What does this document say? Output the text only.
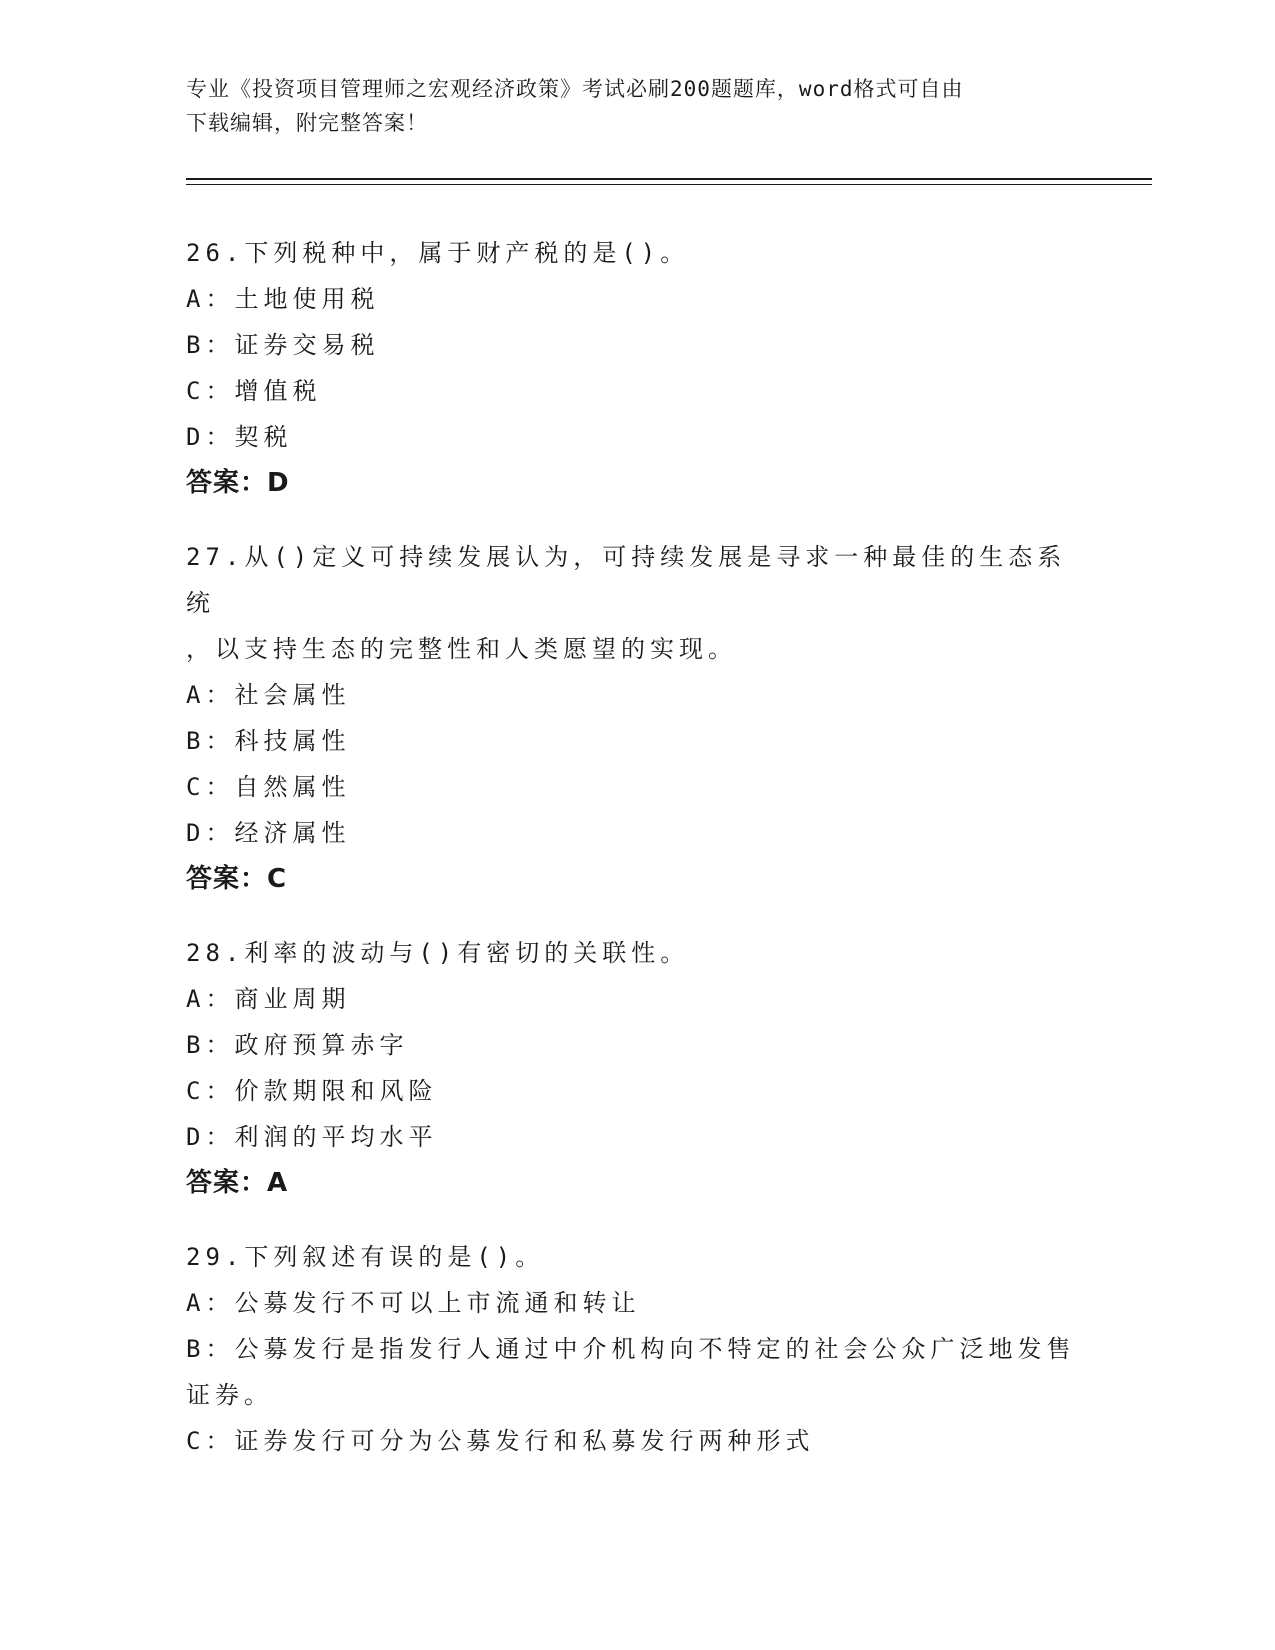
专业《投资项目管理师之宏观经济政策》考试必刷200题题库，word格式可自由
下载编辑，附完整答案！
26.下列税种中，属于财产税的是()。
A：土地使用税
B：证券交易税
C：增值税
D：契税
答案：D
27.从()定义可持续发展认为，可持续发展是寻求一种最佳的生态系统
，以支持生态的完整性和人类愿望的实现。
A：社会属性
B：科技属性
C：自然属性
D：经济属性
答案：C
28.利率的波动与()有密切的关联性。
A：商业周期
B：政府预算赤字
C：价款期限和风险
D：利润的平均水平
答案：A
29.下列叙述有误的是()。
A：公募发行不可以上市流通和转让
B：公募发行是指发行人通过中介机构向不特定的社会公众广泛地发售
证券。
C：证券发行可分为公募发行和私募发行两种形式
